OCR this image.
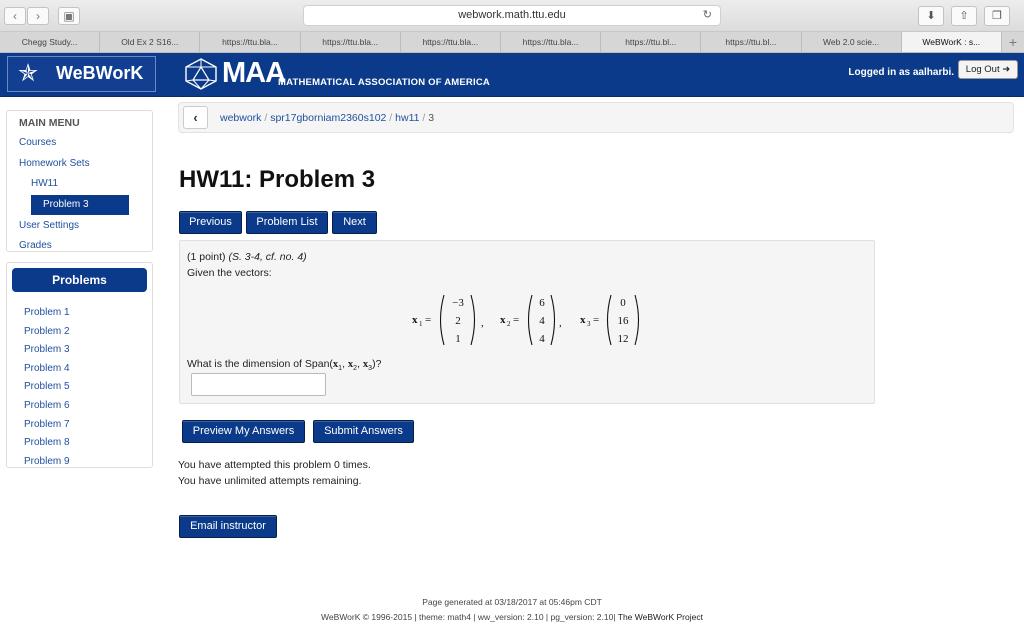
‹	›	▣	webwork.math.ttu.edu	↻	⬇	⇧	❐
Chegg Study...	Old Ex 2 S16...	https://ttu.bla...	https://ttu.bla...	https://ttu.bla...	https://ttu.bla...	https://ttu.bl...	https://ttu.bl...	Web 2.0 scie...	WeBWorK : s...	+
✯ WeBWorK	MAA
MATHEMATICAL ASSOCIATION OF AMERICA
Logged in as aalharbi.	Log Out ➜
MAIN MENU
Courses
Homework Sets
HW11
Problem 3
User Settings
Grades
Problems
Problem 1
Problem 2
Problem 3
Problem 4
Problem 5
Problem 6
Problem 7
Problem 8
Problem 9
‹	webwork / spr17gborniam2360s102 / hw11 / 3
HW11: Problem 3
Previous	Problem List	Next
(1 point) (S. 3-4, cf. no. 4)
Given the vectors:
x 1 =
−3
2
1
, x 2 =
6
4
4
, x 3 =
0
16
12
What is the dimension of $Span(x_1$, $x_2$, $x_3$)?
Preview My Answers	Submit Answers
You have attempted this problem 0 times.
You have unlimited attempts remaining.
Email instructor
Page generated at 03/18/2017 at 05:46pm CDT
WeBWorK © 1996-2015 | theme: math4 | ww_version: 2.10 | pg_version: 2.10| The WeBWorK Project
